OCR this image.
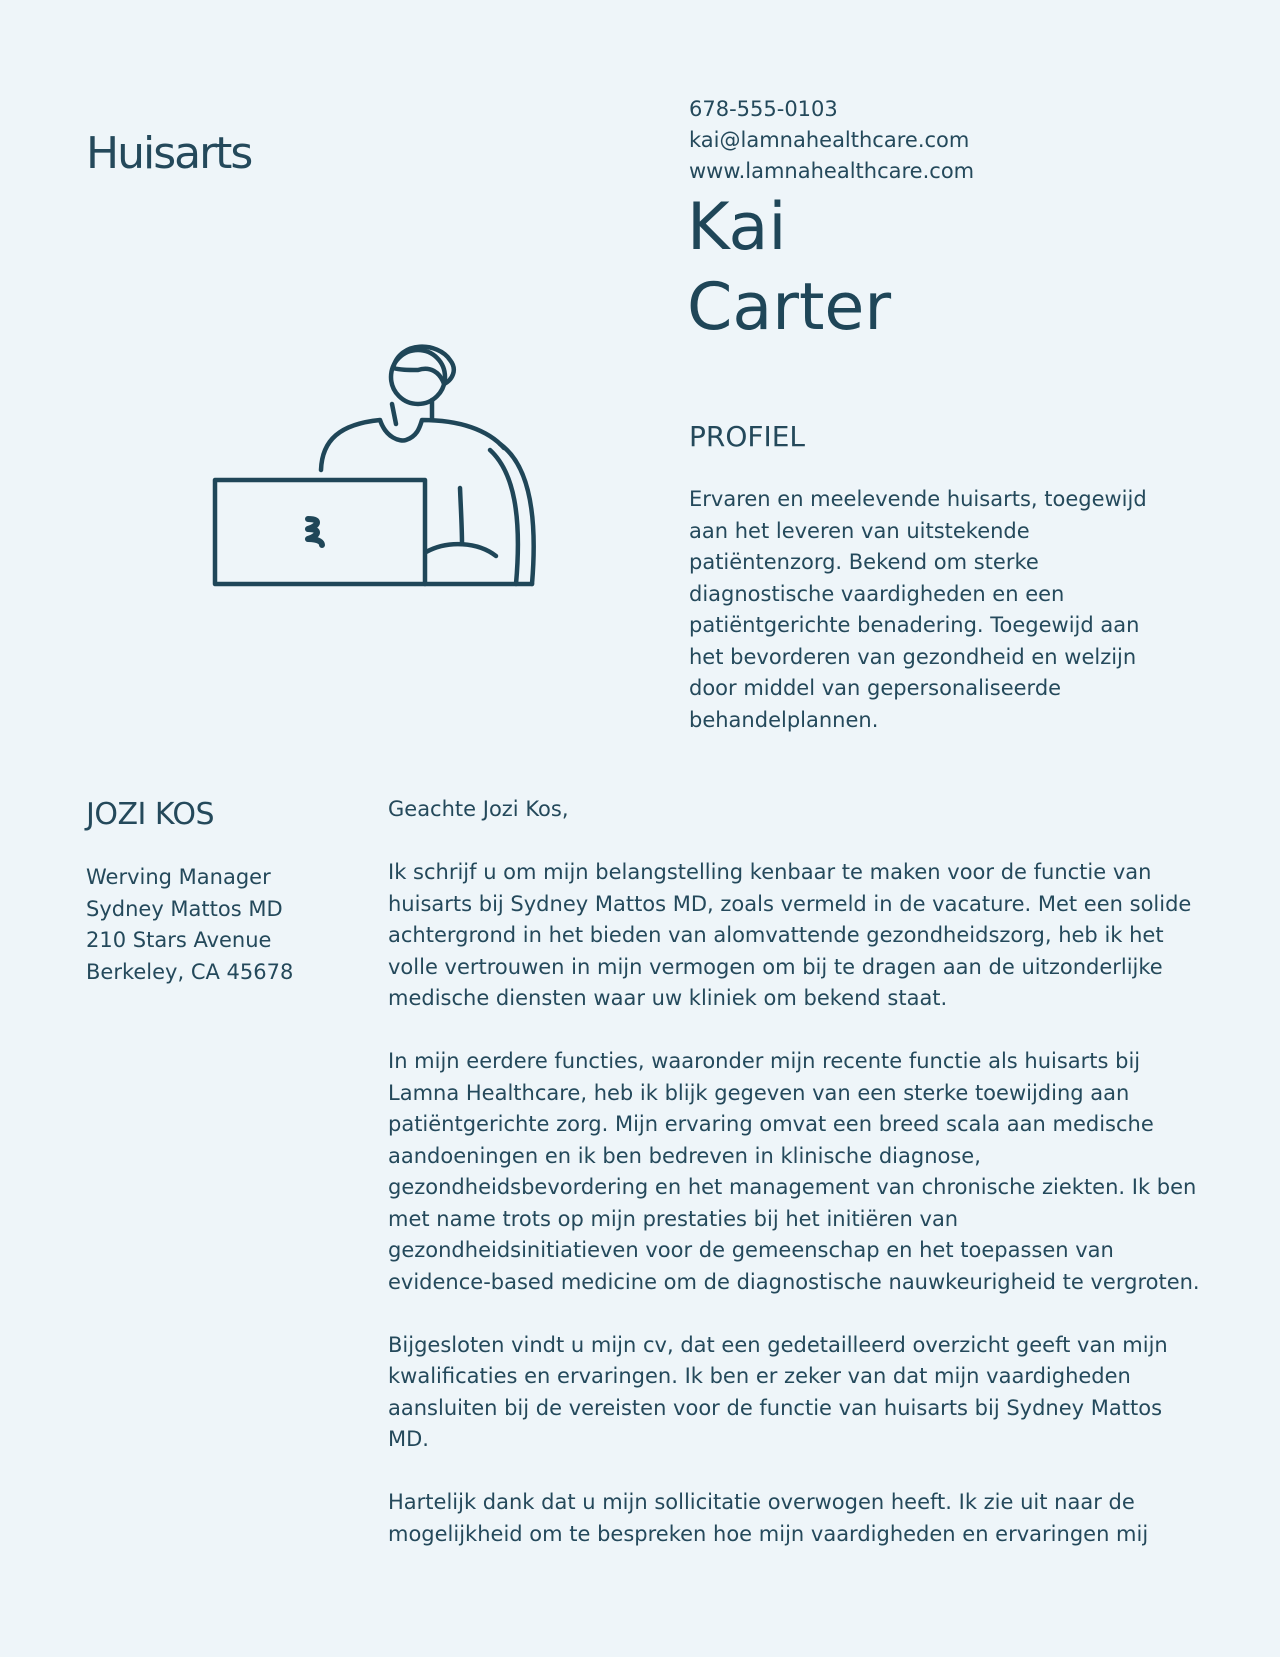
Huisarts
678-555-0103
kai@lamnahealthcare.com
www.lamnahealthcare.com
Kai
Carter
PROFIEL
Ervaren en meelevende huisarts, toegewijd aan het leveren van uitstekende patiëntenzorg. Bekend om sterke diagnostische vaardigheden en een patiëntgerichte benadering. Toegewijd aan het bevorderen van gezondheid en welzijn door middel van gepersonaliseerde behandelplannen.
JOZI KOS
Werving Manager
Sydney Mattos MD
210 Stars Avenue
Berkeley, CA 45678

Geachte Jozi Kos,

Ik schrijf u om mijn belangstelling kenbaar te maken voor de functie van huisarts bij Sydney Mattos MD, zoals vermeld in de vacature. Met een solide achtergrond in het bieden van alomvattende gezondheidszorg, heb ik het volle vertrouwen in mijn vermogen om bij te dragen aan de uitzonderlijke medische diensten waar uw kliniek om bekend staat.

In mijn eerdere functies, waaronder mijn recente functie als huisarts bij Lamna Healthcare, heb ik blijk gegeven van een sterke toewijding aan patiëntgerichte zorg. Mijn ervaring omvat een breed scala aan medische aandoeningen en ik ben bedreven in klinische diagnose, gezondheidsbevordering en het management van chronische ziekten. Ik ben met name trots op mijn prestaties bij het initiëren van gezondheidsinitiatieven voor de gemeenschap en het toepassen van evidence-based medicine om de diagnostische nauwkeurigheid te vergroten.

Bijgesloten vindt u mijn cv, dat een gedetailleerd overzicht geeft van mijn kwalificaties en ervaringen. Ik ben er zeker van dat mijn vaardigheden aansluiten bij de vereisten voor de functie van huisarts bij Sydney Mattos MD.

Hartelijk dank dat u mijn sollicitatie overwogen heeft. Ik zie uit naar de mogelijkheid om te bespreken hoe mijn vaardigheden en ervaringen mij
